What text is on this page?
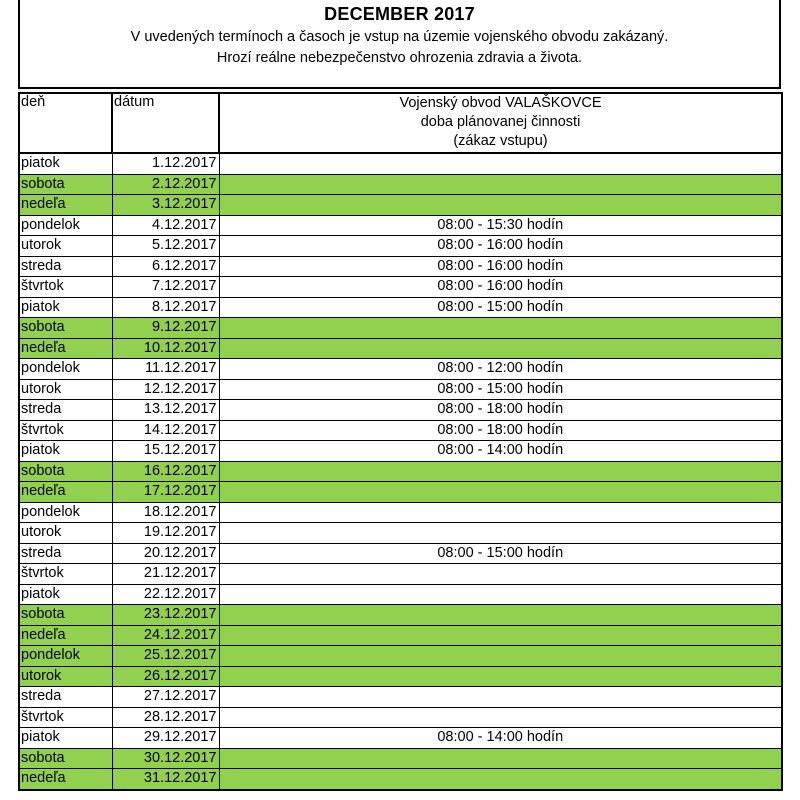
DECEMBER 2017
V uvedených termínoch a časoch je vstup na územie vojenského obvodu zakázaný.
Hrozí reálne nebezpečenstvo ohrozenia zdravia a života.
deň	dátum	Vojenský obvod VALAŠKOVCE
doba plánovanej činnosti
(zákaz vstupu)

piatok	1.12.2017	
sobota	2.12.2017	
nedeľa	3.12.2017	
pondelok	4.12.2017	08:00 - 15:30 hodín
utorok	5.12.2017	08:00 - 16:00 hodín
streda	6.12.2017	08:00 - 16:00 hodín
štvrtok	7.12.2017	08:00 - 16:00 hodín
piatok	8.12.2017	08:00 - 15:00 hodín
sobota	9.12.2017	
nedeľa	10.12.2017	
pondelok	11.12.2017	08:00 - 12:00 hodín
utorok	12.12.2017	08:00 - 15:00 hodín
streda	13.12.2017	08:00 - 18:00 hodín
štvrtok	14.12.2017	08:00 - 18:00 hodín
piatok	15.12.2017	08:00 - 14:00 hodín
sobota	16.12.2017	
nedeľa	17.12.2017	
pondelok	18.12.2017	
utorok	19.12.2017	
streda	20.12.2017	08:00 - 15:00 hodín
štvrtok	21.12.2017	
piatok	22.12.2017	
sobota	23.12.2017	
nedeľa	24.12.2017	
pondelok	25.12.2017	
utorok	26.12.2017	
streda	27.12.2017	
štvrtok	28.12.2017	
piatok	29.12.2017	08:00 - 14:00 hodín
sobota	30.12.2017	
nedeľa	31.12.2017	
